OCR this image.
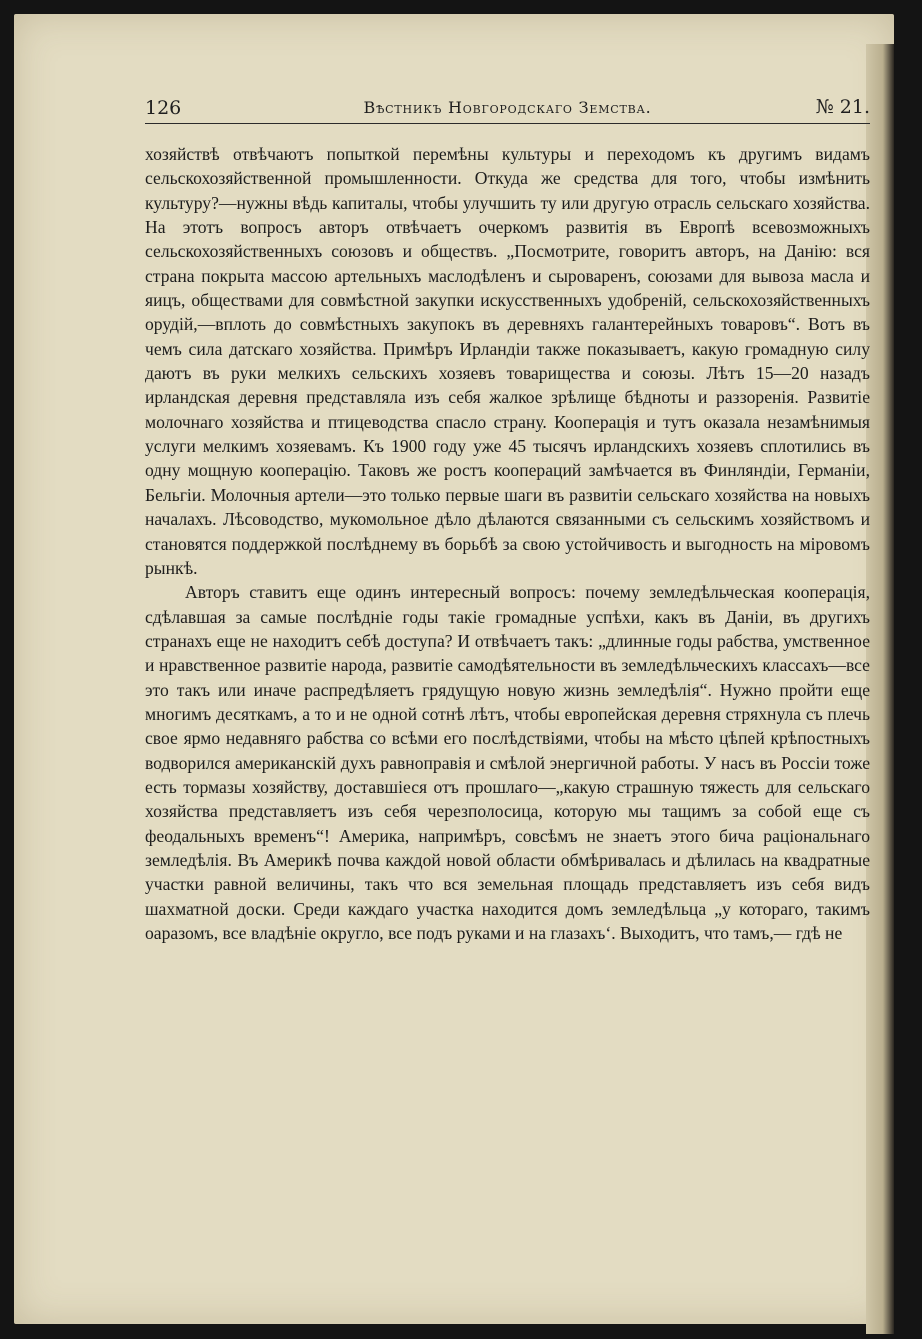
126	Вѣстникъ Новгородскаго Земства.	№ 21.

хозяйствѣ отвѣчаютъ попыткой перемѣны культуры и переходомъ къ другимъ видамъ сельскохозяйственной промышленности. Откуда же средства для того, чтобы измѣнить культуру?—нужны вѣдь капиталы, чтобы улучшить ту или другую отрасль сельскаго хозяйства. На этотъ вопросъ авторъ отвѣчаетъ очеркомъ развитія въ Европѣ всевозможныхъ сельскохозяйственныхъ союзовъ и обществъ. „Посмотрите, говоритъ авторъ, на Данію: вся страна покрыта массою артельныхъ маслодѣленъ и сыроваренъ, союзами для вывоза масла и яицъ, обществами для совмѣстной закупки искусственныхъ удобреній, сельскохозяйственныхъ орудій,—вплоть до совмѣстныхъ закупокъ въ деревняхъ галантерейныхъ товаровъ“. Вотъ въ чемъ сила датскаго хозяйства. Примѣръ Ирландіи также показываетъ, какую громадную силу даютъ въ руки мелкихъ сельскихъ хозяевъ товарищества и союзы. Лѣтъ 15—20 назадъ ирландская деревня представляла изъ себя жалкое зрѣлище бѣдноты и раззоренія. Развитіе молочнаго хозяйства и птицеводства спасло страну. Кооперація и тутъ оказала незамѣнимыя услуги мелкимъ хозяевамъ. Къ 1900 году уже 45 тысячъ ирландскихъ хозяевъ сплотились въ одну мощную кооперацію. Таковъ же ростъ коопераций замѣчается въ Финляндіи, Германіи, Бельгіи. Молочныя артели—это только первые шаги въ развитіи сельскаго хозяйства на новыхъ началахъ. Лѣсоводство, мукомольное дѣло дѣлаются связанными съ сельскимъ хозяйствомъ и становятся поддержкой послѣднему въ борьбѣ за свою устойчивость и выгодность на міровомъ рынкѣ.

Авторъ ставитъ еще одинъ интересный вопросъ: почему земледѣльческая кооперація, сдѣлавшая за самые послѣдніе годы такіе громадные успѣхи, какъ въ Даніи, въ другихъ странахъ еще не находитъ себѣ доступа? И отвѣчаетъ такъ: „длинные годы рабства, умственное и нравственное развитіе народа, развитіе самодѣятельности въ земледѣльческихъ классахъ—все это такъ или иначе распредѣляетъ грядущую новую жизнь земледѣлія“. Нужно пройти еще многимъ десяткамъ, а то и не одной сотнѣ лѣтъ, чтобы европейская деревня стряхнула съ плечь свое ярмо недавняго рабства со всѣми его послѣдствіями, чтобы на мѣсто цѣпей крѣпостныхъ водворился американскій духъ равноправія и смѣлой энергичной работы. У насъ въ Россіи тоже есть тормазы хозяйству, доставшіеся отъ прошлаго—„какую страшную тяжесть для сельскаго хозяйства представляетъ изъ себя черезполосица, которую мы тащимъ за собой еще съ феодальныхъ временъ“! Америка, напримѣръ, совсѣмъ не знаетъ этого бича раціональнаго земледѣлія. Въ Америкѣ почва каждой новой области обмѣривалась и дѣлилась на квадратные участки равной величины, такъ что вся земельная площадь представляетъ изъ себя видъ шахматной доски. Среди каждаго участка находится домъ земледѣльца „у котораго, такимъ оаразомъ, все владѣніе округло, все подъ руками и на глазахъ‘. Выходитъ, что тамъ,— гдѣ не
